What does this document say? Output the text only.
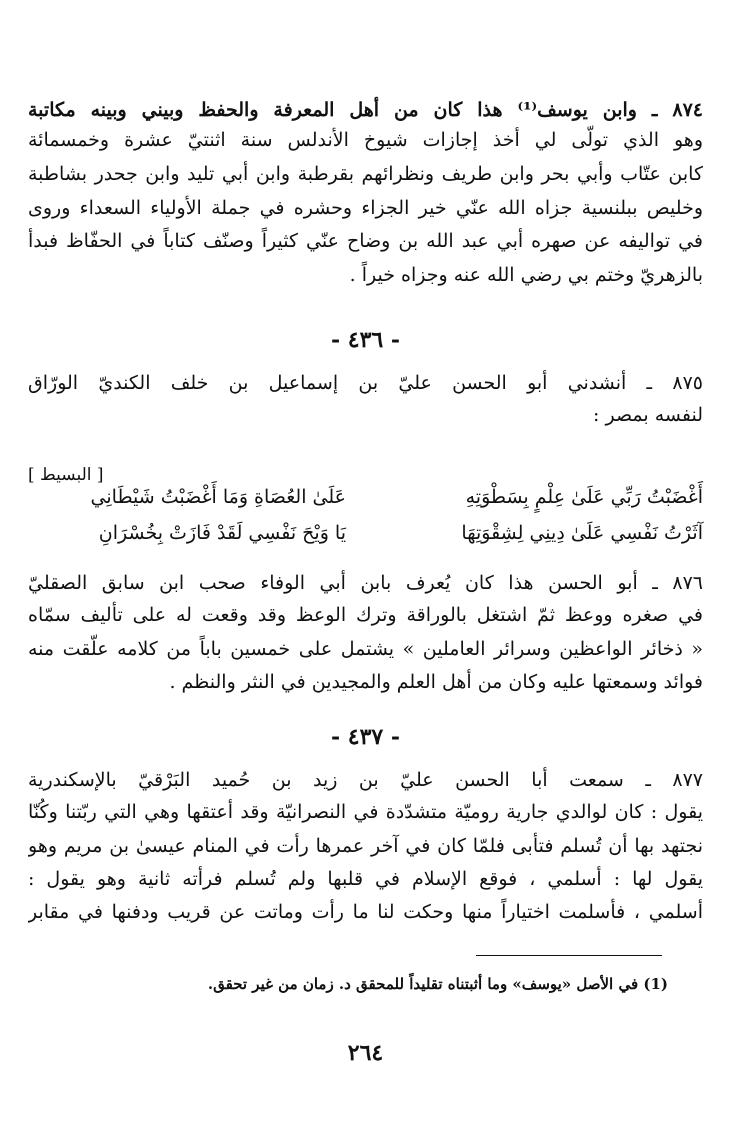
٨٧٤ ـ وابن يوسف⁽¹⁾ هذا كان من أهل المعرفة والحفظ وبيني وبينه مكاتبة
وهو الذي تولّى لي أخذ إجازات شيوخ الأندلس سنة اثنتيّ عشرة وخمسمائة
كابن عتّاب وأبي بحر وابن طريف ونظرائهم بقرطبة وابن أبي تليد وابن جحدر بشاطبة
وخليص ببلنسية جزاه الله عنّي خير الجزاء وحشره في جملة الأولياء السعداء وروى
في تواليفه عن صهره أبي عبد الله بن وضاح عنّي كثيراً وصنّف كتاباً في الحفّاظ فبدأ
بالزهريّ وختم بي رضي الله عنه وجزاه خيراً .
- ٤٣٦ -
٨٧٥ ـ أنشدني أبو الحسن عليّ بن إسماعيل بن خلف الكنديّ الورّاق
لنفسه بمصر :
[ البسيط ]
أَغْضَبْتُ رَبِّي عَلَىٰ عِلْمٍ بِسَطْوَتِهِ
عَلَىٰ العُصَاةِ وَمَا أَغْضَبْتُ شَيْطَانِي
آثَرْتُ نَفْسِي عَلَىٰ دِينِي لِشِقْوَتِهَا
يَا وَيْحَ نَفْسِي لَقَدْ فَازَتْ بِخُسْرَانِ
٨٧٦ ـ أبو الحسن هذا كان يُعرف بابن أبي الوفاء صحب ابن سابق الصقليّ
في صغره ووعظ ثمّ اشتغل بالوراقة وترك الوعظ وقد وقعت له على تأليف سمّاه
« ذخائر الواعظين وسرائر العاملين » يشتمل على خمسين باباً من كلامه علّقت منه
فوائد وسمعتها عليه وكان من أهل العلم والمجيدين في النثر والنظم .
- ٤٣٧ -
٨٧٧ ـ سمعت أبا الحسن عليّ بن زيد بن حُميد البَرْقيّ بالإسكندرية
يقول : كان لوالدي جارية روميّة متشدّدة في النصرانيّة وقد أعتقها وهي التي ربّتنا وكُنّا
نجتهد بها أن تُسلم فتأبى فلمّا كان في آخر عمرها رأت في المنام عيسىٰ بن مريم وهو
يقول لها : أسلمي ، فوقع الإسلام في قلبها ولم تُسلم فرأته ثانية وهو يقول :
أسلمي ، فأسلمت اختياراً منها وحكت لنا ما رأت وماتت عن قريب ودفنها في مقابر
(1) في الأصل «يوسف» وما أثبتناه تقليداً للمحقق د. زمان من غير تحقق.
٢٦٤
